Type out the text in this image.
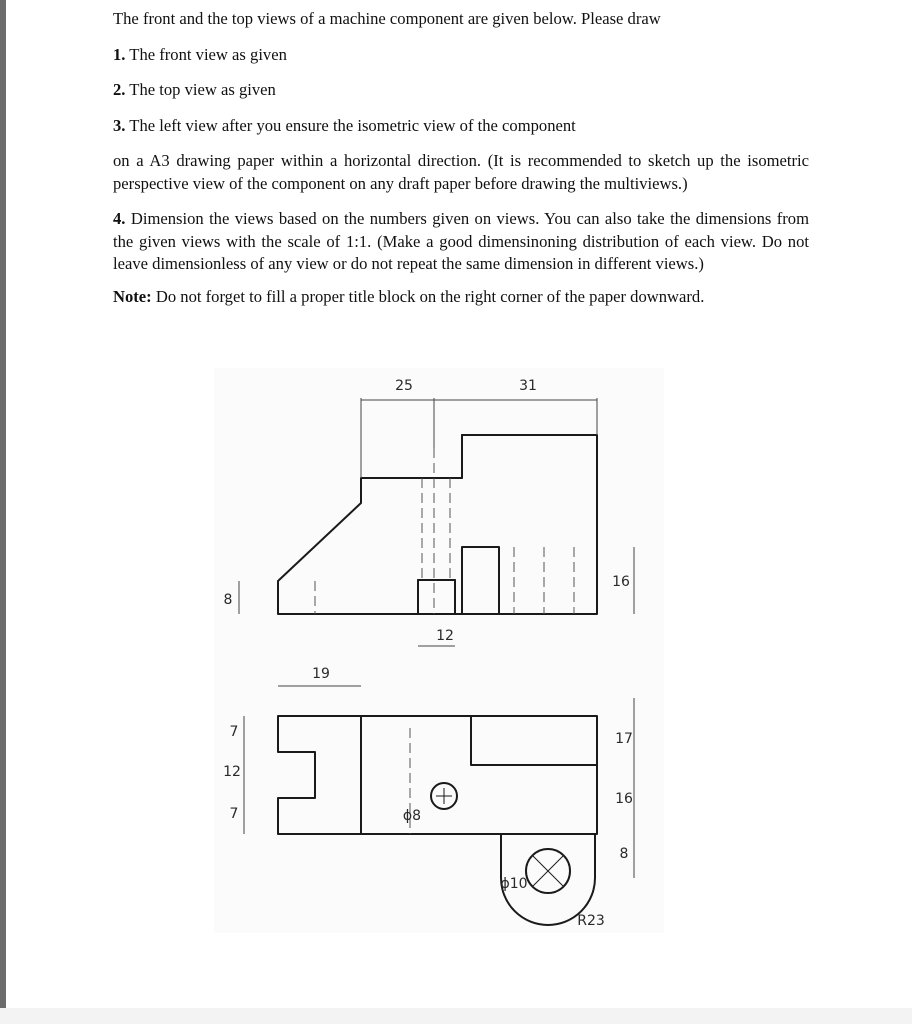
The front and the top views of a machine component are given below. Please draw

1. The front view as given

2. The top view as given

3. The left view after you ensure the isometric view of the component

on a A3 drawing paper within a horizontal direction. (It is recommended to sketch up the isometric perspective view of the component on any draft paper before drawing the multiviews.)

4. Dimension the views based on the numbers given on views. You can also take the dimensions from the given views with the scale of 1:1. (Make a good dimensinoning distribution of each view. Do not leave dimensionless of any view or do not repeat the same dimension in different views.)

Note: Do not forget to fill a proper title block on the right corner of the paper downward.

25	31
12
8
16
19
7
12
7
17
16
8
ϕ8
ϕ10
R23
